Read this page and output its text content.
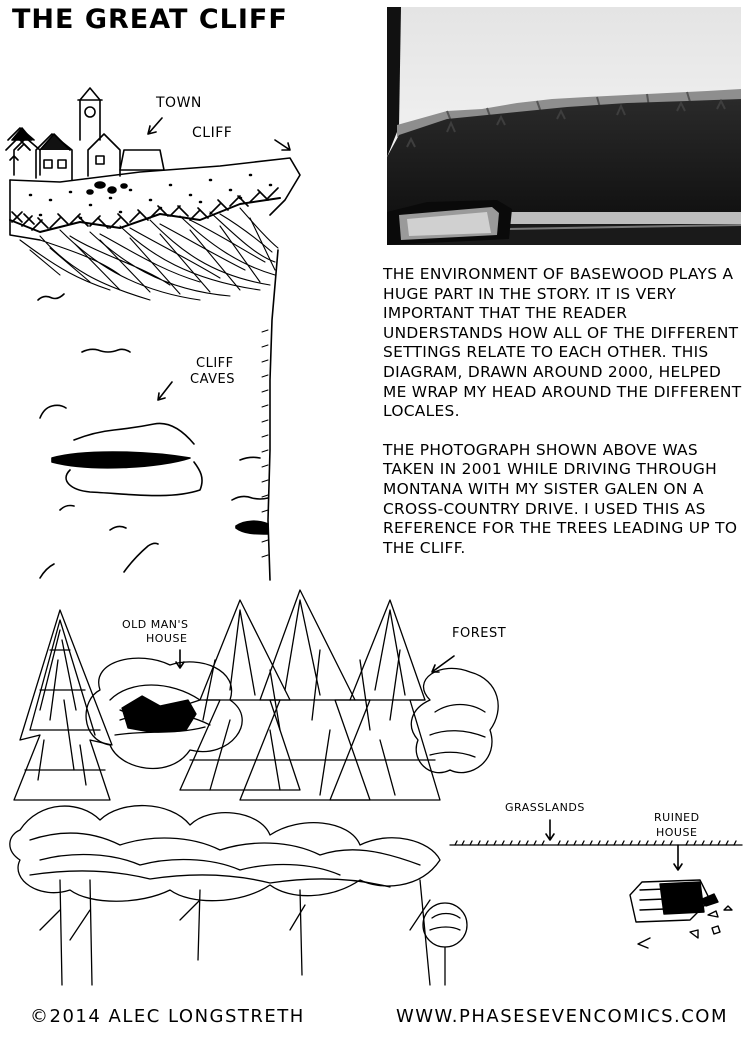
THE GREAT CLIFF

THE ENVIRONMENT OF BASEWOOD PLAYS A HUGE PART IN THE STORY. IT IS VERY IMPORTANT THAT THE READER UNDERSTANDS HOW ALL OF THE DIFFERENT SETTINGS RELATE TO EACH OTHER. THIS DIAGRAM, DRAWN AROUND 2000, HELPED ME WRAP MY HEAD AROUND THE DIFFERENT LOCALES.

THE PHOTOGRAPH SHOWN ABOVE WAS TAKEN IN 2001 WHILE DRIVING THROUGH MONTANA WITH MY SISTER GALEN ON A CROSS-COUNTRY DRIVE. I USED THIS AS REFERENCE FOR THE TREES LEADING UP TO THE CLIFF.

TOWN
CLIFF
CLIFF
CAVES
OLD MAN'S
HOUSE	FOREST
GRASSLANDS
RUINED
HOUSE
©2014 ALEC LONGSTRETH	WWW.PHASESEVENCOMICS.COM
